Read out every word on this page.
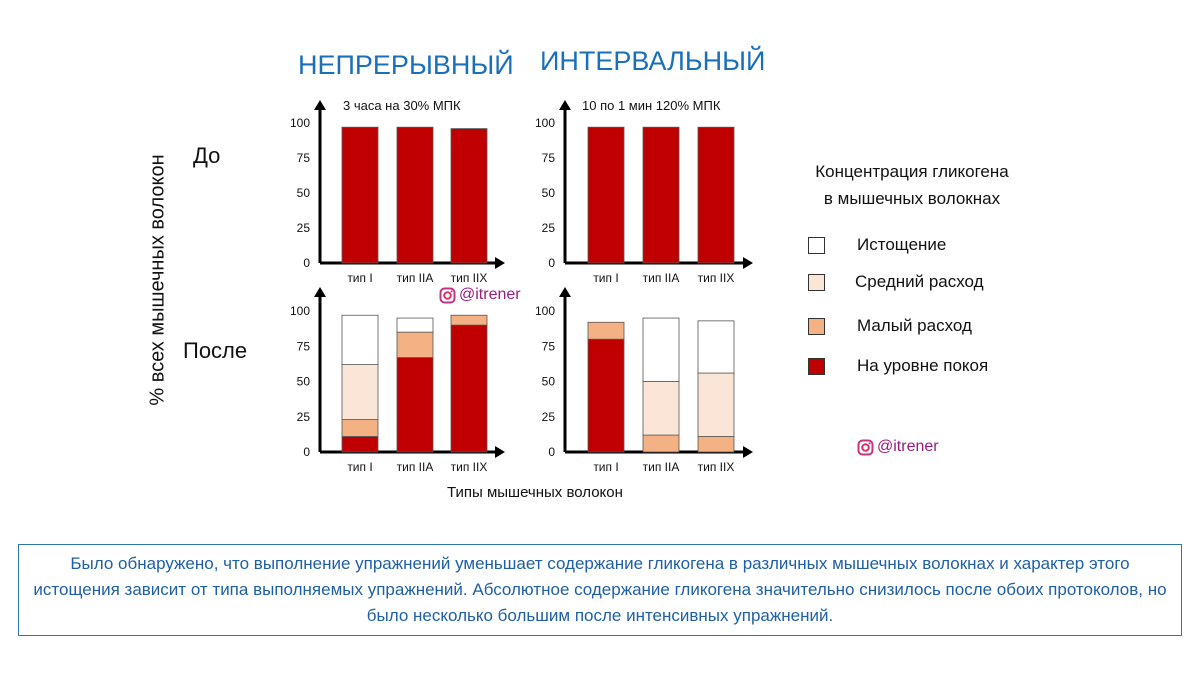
НЕПРЕРЫВНЫЙ ИНТЕРВАЛЬНЫЙ
До
После
% всех мышечных волокон
Типы мышечных волокон
0
25
50
75
100
3 часа на 30% МПК
тип I тип IIA тип IIX
0
25
50
75
100
10 по 1 мин 120% МПК
тип I тип IIA тип IIX
0
25
50
75
100
тип I тип IIA тип IIX
0
25
50
75
100
тип I тип IIA тип IIX
@itrener
@itrener
Концентрация гликогена
в мышечных волокнах
Истощение
Средний расход
Малый расход
На уровне покоя
Было обнаружено, что выполнение упражнений уменьшает содержание гликогена в различных мышечных волокнах и характер этого истощения зависит от типа выполняемых упражнений. Абсолютное содержание гликогена значительно снизилось после обоих протоколов, но было несколько большим после интенсивных упражнений.
